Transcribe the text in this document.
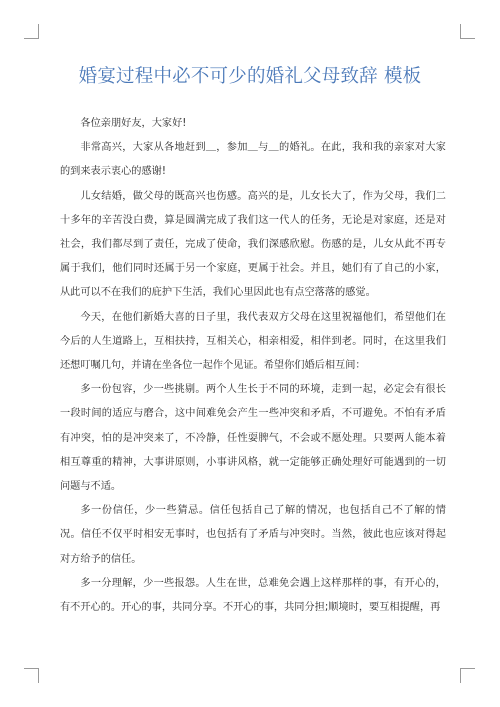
婚宴过程中必不可少的婚礼父母致辞 模板

各位亲朋好友，大家好!

非常高兴，大家从各地赶到＿，参加＿与＿的婚礼。在此，我和我的亲家对大家的到来表示衷心的感谢!

儿女结婚，做父母的既高兴也伤感。高兴的是，儿女长大了，作为父母，我们二十多年的辛苦没白费，算是圆满完成了我们这一代人的任务，无论是对家庭，还是对社会，我们都尽到了责任，完成了使命，我们深感欣慰。伤感的是，儿女从此不再专属于我们，他们同时还属于另一个家庭，更属于社会。并且，她们有了自己的小家，从此可以不在我们的庇护下生活，我们心里因此也有点空落落的感觉。

今天，在他们新婚大喜的日子里，我代表双方父母在这里祝福他们，希望他们在今后的人生道路上，互相扶持，互相关心，相亲相爱，相伴到老。同时，在这里我们还想叮嘱几句，并请在坐各位一起作个见证。希望你们婚后相互间：

多一份包容，少一些挑剔。两个人生长于不同的环境，走到一起，必定会有很长一段时间的适应与磨合，这中间难免会产生一些冲突和矛盾，不可避免。不怕有矛盾有冲突，怕的是冲突来了，不冷静，任性耍脾气，不会或不愿处理。只要两人能本着相互尊重的精神，大事讲原则，小事讲风格，就一定能够正确处理好可能遇到的一切问题与不适。

多一份信任，少一些猜忌。信任包括自己了解的情况，也包括自己不了解的情况。信任不仅平时相安无事时，也包括有了矛盾与冲突时。当然，彼此也应该对得起对方给予的信任。

多一分理解，少一些报怨。人生在世，总难免会遇上这样那样的事，有开心的，有不开心的。开心的事，共同分享。不开心的事，共同分担;顺境时，要互相提醒，再
